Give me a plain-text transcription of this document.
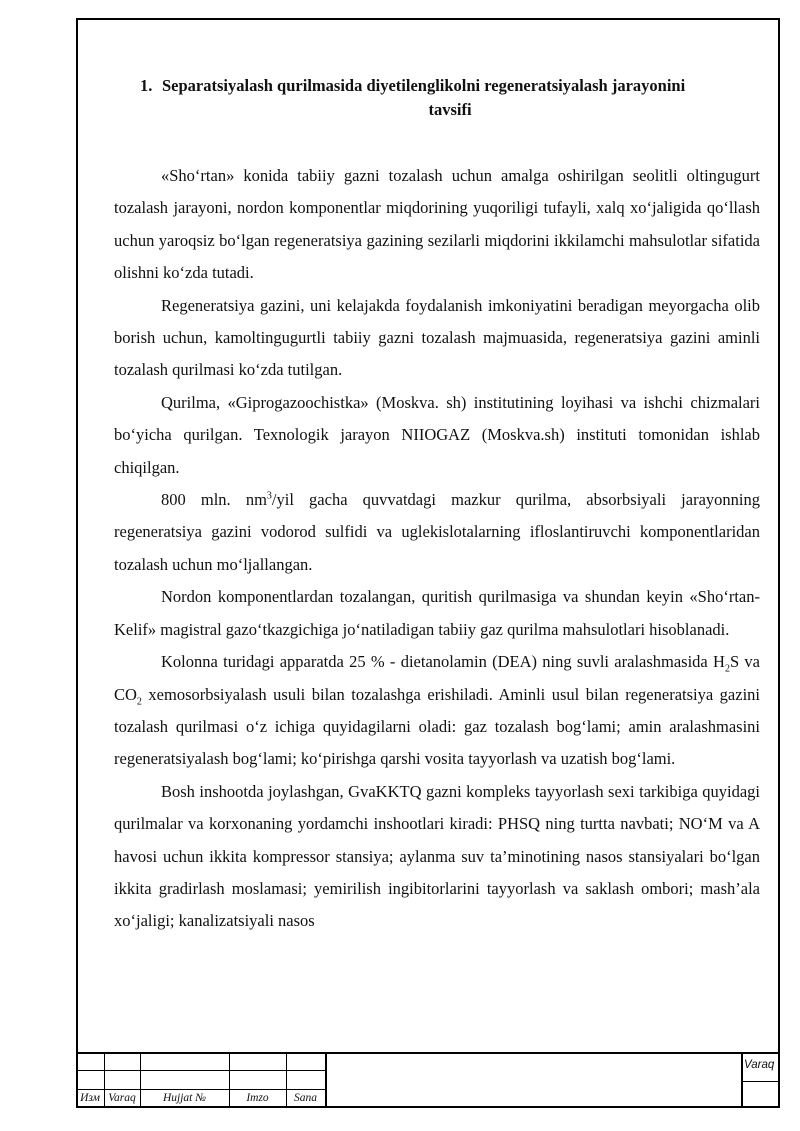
1. Separatsiyalash qurilmasida diyetilenglikolni regeneratsiyalash jarayonini
tavsifi

«Sho‘rtan» konida tabiiy gazni tozalash uchun amalga oshirilgan seolitli oltingugurt tozalash jarayoni, nordon komponentlar miqdorining yuqoriligi tufayli, xalq xo‘jaligida qo‘llash uchun yaroqsiz bo‘lgan regeneratsiya gazining sezilarli miqdorini ikkilamchi mahsulotlar sifatida olishni ko‘zda tutadi.

Regeneratsiya gazini, uni kelajakda foydalanish imkoniyatini beradigan meyorgacha olib borish uchun, kamoltingugurtli tabiiy gazni tozalash majmuasida, regeneratsiya gazini aminli tozalash qurilmasi ko‘zda tutilgan.

Qurilma, «Giprogazoochistka» (Moskva. sh) institutining loyihasi va ishchi chizmalari bo‘yicha qurilgan. Texnologik jarayon NIIOGAZ (Moskva.sh) instituti tomonidan ishlab chiqilgan.

800 mln. $nm^3$/yil gacha quvvatdagi mazkur qurilma, absorbsiyali jarayonning regeneratsiya gazini vodorod sulfidi va uglekislotalarning ifloslantiruvchi komponentlaridan tozalash uchun mo‘ljallangan.

Nordon komponentlardan tozalangan, quritish qurilmasiga va shundan keyin «Sho‘rtan-Kelif» magistral gazo‘tkazgichiga jo‘natiladigan tabiiy gaz qurilma mahsulotlari hisoblanadi.

Kolonna turidagi apparatda 25 % - dietanolamin (DEA) ning suvli aralashmasida $H_2S$ va $CO_2$ xemosorbsiyalash usuli bilan tozalashga erishiladi. Aminli usul bilan regeneratsiya gazini tozalash qurilmasi o‘z ichiga quyidagilarni oladi: gaz tozalash bog‘lami; amin aralashmasini regeneratsiyalash bog‘lami; ko‘pirishga qarshi vosita tayyorlash va uzatish bog‘lami.

Bosh inshootda joylashgan, GvaKKTQ gazni kompleks tayyorlash sexi tarkibiga quyidagi qurilmalar va korxonaning yordamchi inshootlari kiradi: PHSQ ning turtta navbati; NO‘M va A havosi uchun ikkita kompressor stansiya; aylanma suv ta’minotining nasos stansiyalari bo‘lgan ikkita gradirlash moslamasi; yemirilish ingibitorlarini tayyorlash va saklash ombori; mash’ala xo‘jaligi; kanalizatsiyali nasos

Изм Varaq	Hujjat №	Imzo	Sana
Varaq
